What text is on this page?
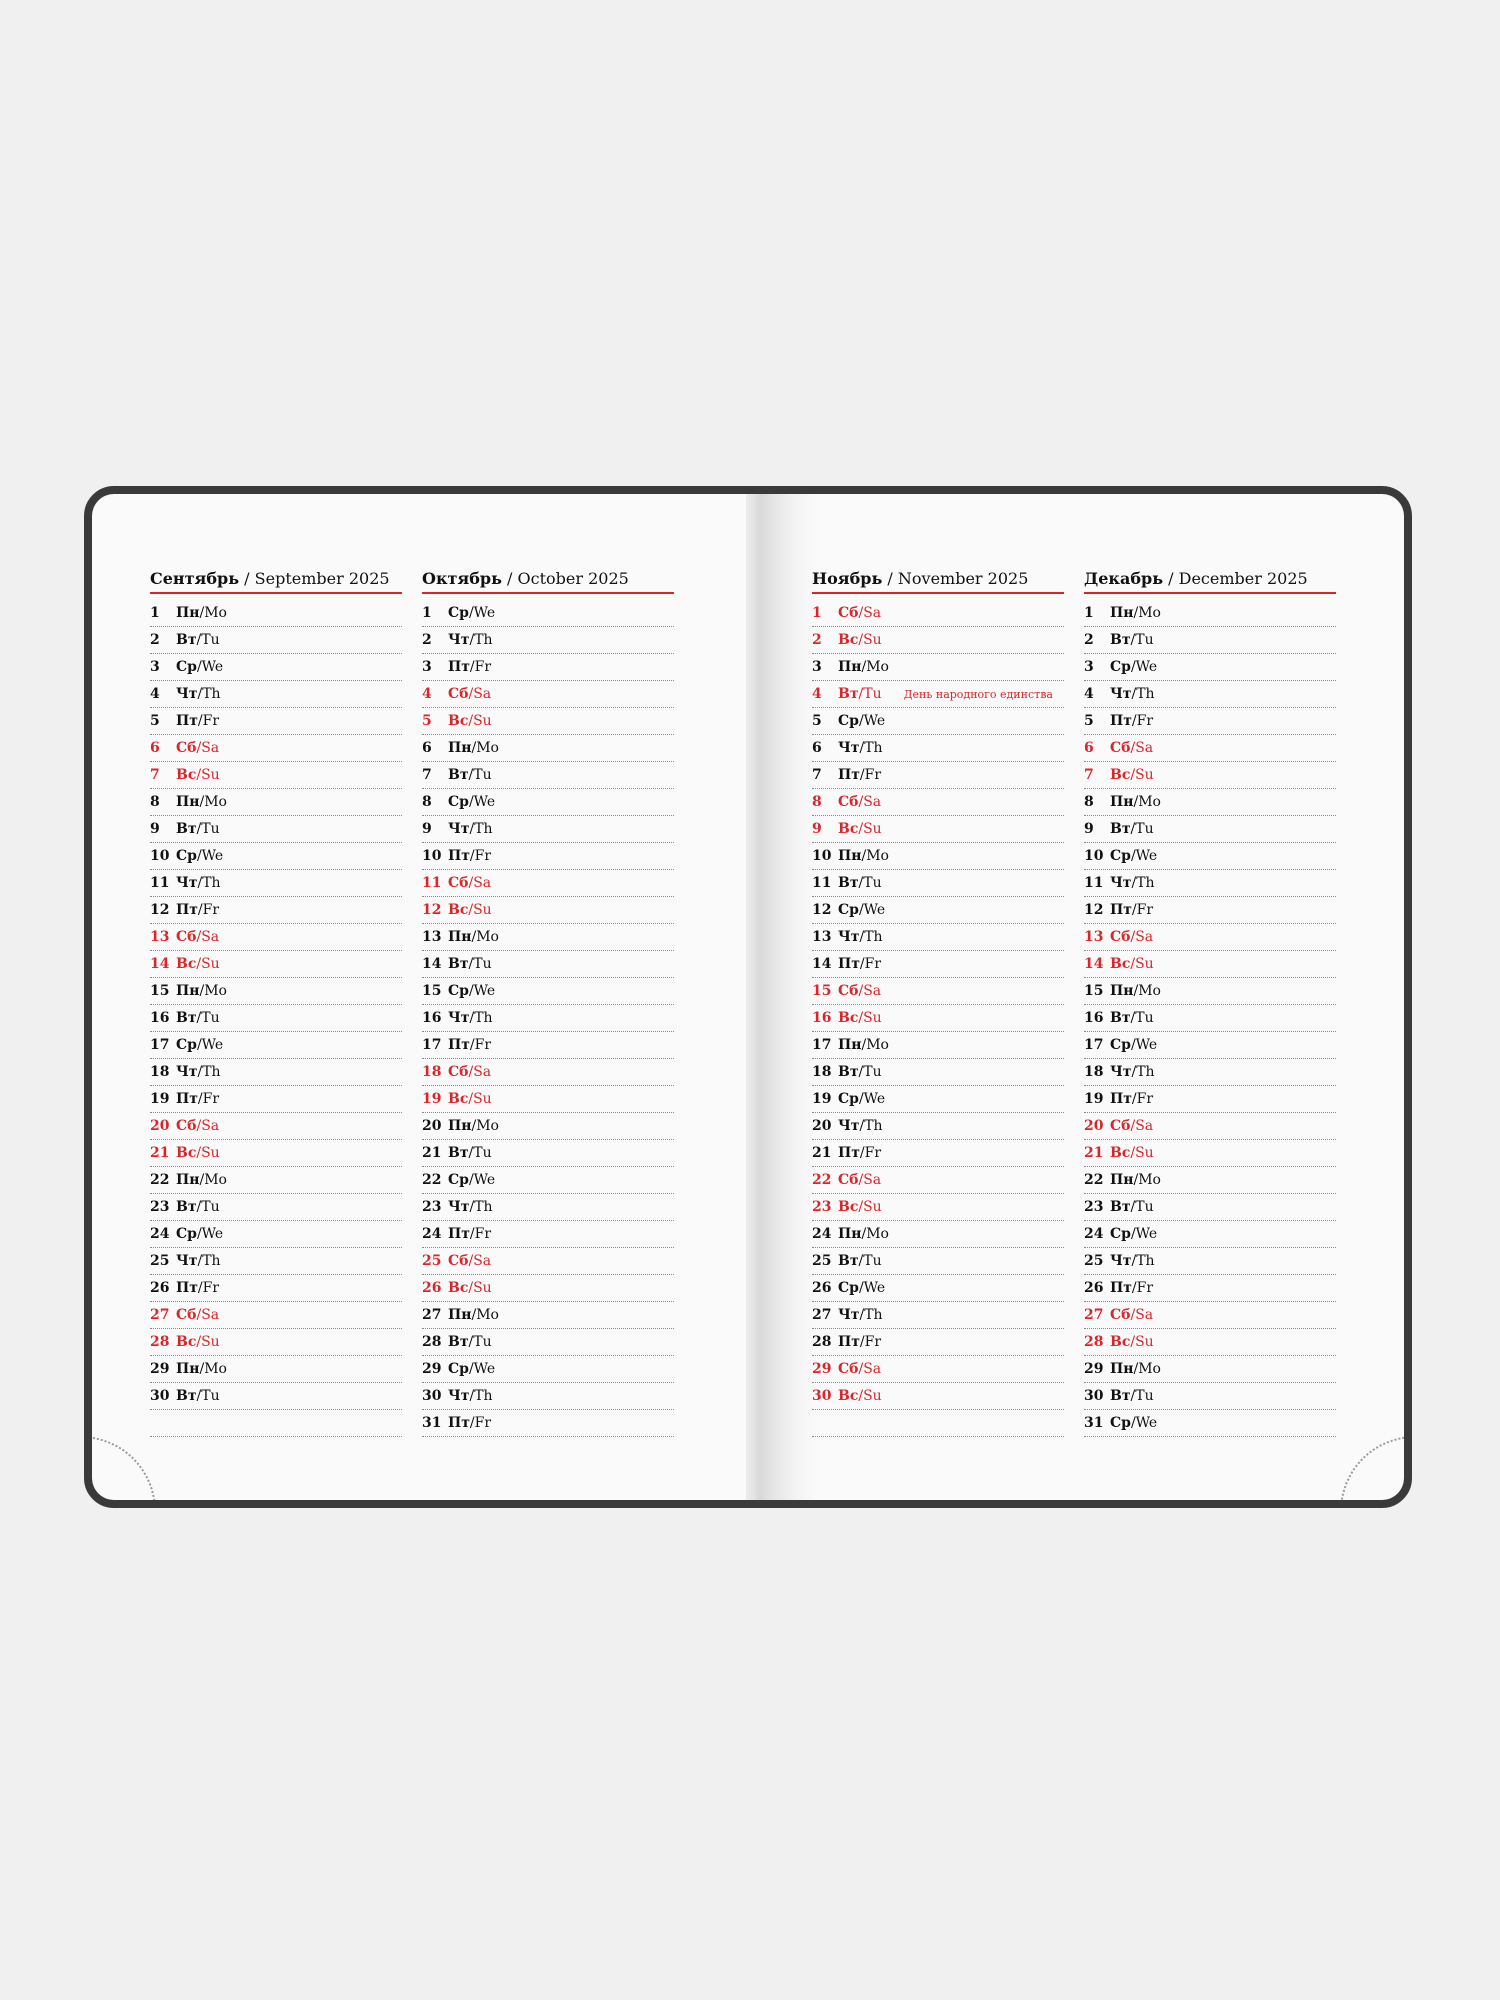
Сентябрь / September 2025
1	Пн / Mo
2	Вт / Tu
3	Ср / We
4	Чт / Th
5	Пт / Fr
6	Сб / Sa
7	Вс / Su
8	Пн / Mo
9	Вт / Tu
10 Ср / We
11 Чт / Th
12 Пт / Fr
13 Сб / Sa
14 Вс / Su
15 Пн / Mo
16 Вт / Tu
17 Ср / We
18 Чт / Th
19 Пт / Fr
20 Сб / Sa
21 Вс / Su
22 Пн / Mo
23 Вт / Tu
24 Ср / We
25 Чт / Th
26 Пт / Fr
27 Сб / Sa
28 Вс / Su
29 Пн / Mo
30 Вт / Tu
Октябрь / October 2025
1	Ср / We
2	Чт / Th
3	Пт / Fr
4	Сб / Sa
5	Вс / Su
6	Пн / Mo
7	Вт / Tu
8	Ср / We
9	Чт / Th
10 Пт / Fr
11 Сб / Sa
12 Вс / Su
13 Пн / Mo
14 Вт / Tu
15 Ср / We
16 Чт / Th
17 Пт / Fr
18 Сб / Sa
19 Вс / Su
20 Пн / Mo
21 Вт / Tu
22 Ср / We
23 Чт / Th
24 Пт / Fr
25 Сб / Sa
26 Вс / Su
27 Пн / Mo
28 Вт / Tu
29 Ср / We
30 Чт / Th
31 Пт / Fr
Ноябрь / November 2025
1	Сб / Sa
2	Вс / Su
3	Пн / Mo
4	Вт / Tu День народного единства
5	Ср / We
6	Чт / Th
7	Пт / Fr
8	Сб / Sa
9	Вс / Su
10 Пн / Mo
11 Вт / Tu
12 Ср / We
13 Чт / Th
14 Пт / Fr
15 Сб / Sa
16 Вс / Su
17 Пн / Mo
18 Вт / Tu
19 Ср / We
20 Чт / Th
21 Пт / Fr
22 Сб / Sa
23 Вс / Su
24 Пн / Mo
25 Вт / Tu
26 Ср / We
27 Чт / Th
28 Пт / Fr
29 Сб / Sa
30 Вс / Su
Декабрь / December 2025
1	Пн / Mo
2	Вт / Tu
3	Ср / We
4	Чт / Th
5	Пт / Fr
6	Сб / Sa
7	Вс / Su
8	Пн / Mo
9	Вт / Tu
10 Ср / We
11 Чт / Th
12 Пт / Fr
13 Сб / Sa
14 Вс / Su
15 Пн / Mo
16 Вт / Tu
17 Ср / We
18 Чт / Th
19 Пт / Fr
20 Сб / Sa
21 Вс / Su
22 Пн / Mo
23 Вт / Tu
24 Ср / We
25 Чт / Th
26 Пт / Fr
27 Сб / Sa
28 Вс / Su
29 Пн / Mo
30 Вт / Tu
31 Ср / We
